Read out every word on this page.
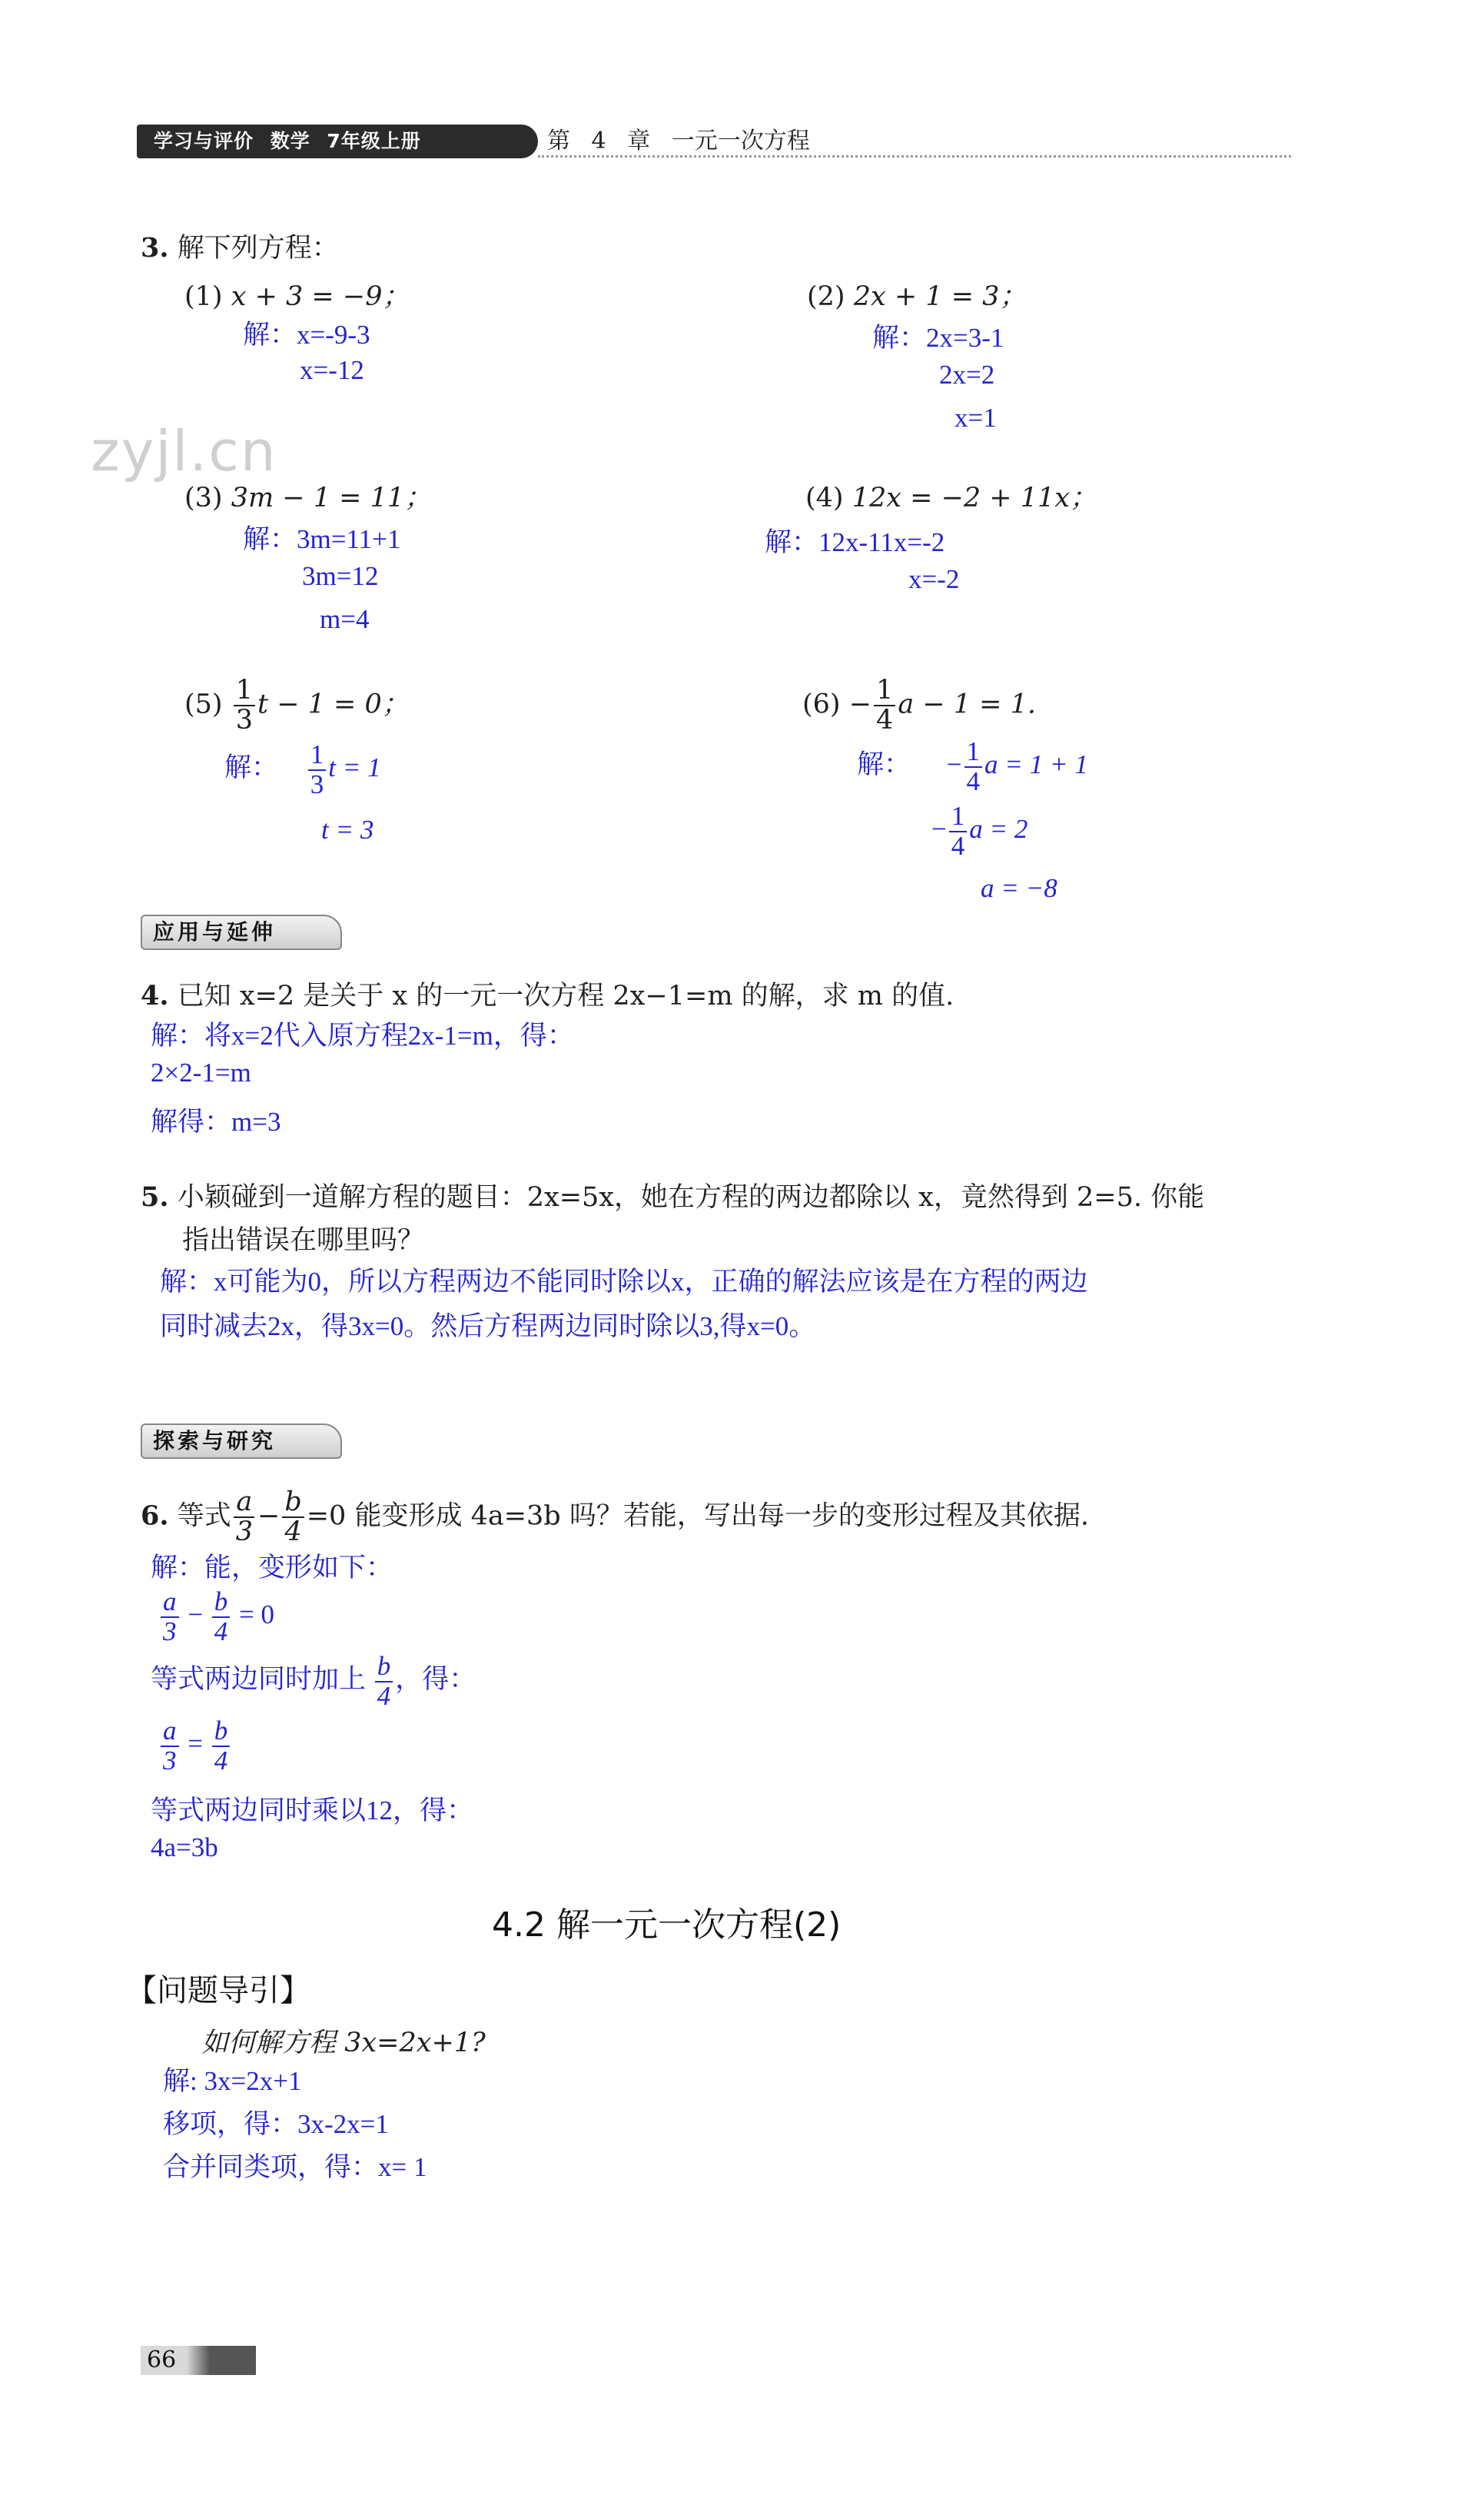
学习与评价 数学 7年级上册	第 4 章 一元一次方程
zyjl.cn
3. 解下列方程：
(1) x + 3 = −9；
解：x=-9-3
x=-12
(2) 2x + 1 = 3；
解：2x=3-1
2x=2
x=1
(3) 3m − 1 = 11；
解：3m=11+1
3m=12
m=4
(4) 12x = −2 + 11x；
解：12x-11x=-2
x=-2
$(5) \frac{1}{3}$ t − 1 = 0；
解： $\frac{1}{3}$ t = 1
t = 3
$(6) - \frac{1}{4}$ a − 1 = 1.
解： − $\frac{1}{4}$ a = 1 + 1
− $\frac{1}{4}$ a = 2
a = −8
应用与延伸
4. 已知 x=2 是关于 x 的一元一次方程 2x−1=m 的解，求 m 的值.
解：将x=2代入原方程2x-1=m，得：
2×2-1=m
解得：m=3
5. 小颖碰到一道解方程的题目：2x=5x，她在方程的两边都除以 x，竟然得到 2=5. 你能
指出错误在哪里吗？
解：x可能为0，所以方程两边不能同时除以x，正确的解法应该是在方程的两边
同时减去2x，得3x=0。然后方程两边同时除以3,得x=0。
探索与研究
6. 等式 $\frac{a}{3} - \frac{b}{4} =0$ 能变形成 4a=3b 吗？若能，写出每一步的变形过程及其依据.
解：能，变形如下：
$\frac{a}{3} - \frac{b}{4} = 0$
等式两边同时加上 $\frac{b}{4}$ ，得：
$\frac{a}{3} = \frac{b}{4}$
等式两边同时乘以12，得：
4a=3b
4.2 解一元一次方程(2)
【问题导引】
如何解方程 3x=2x+1?
解: 3x=2x+1
移项，得：3x-2x=1
合并同类项，得：x= 1
66
